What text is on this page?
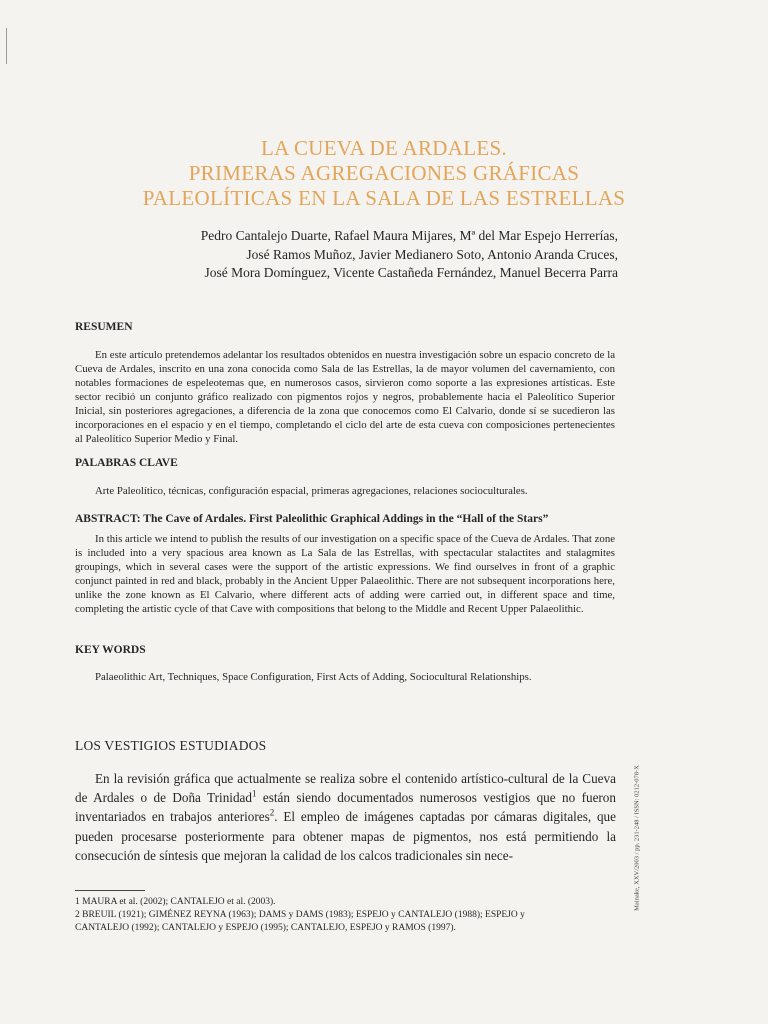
LA CUEVA DE ARDALES.
PRIMERAS AGREGACIONES GRÁFICAS
PALEOLÍTICAS EN LA SALA DE LAS ESTRELLAS
Pedro Cantalejo Duarte, Rafael Maura Mijares, Mª del Mar Espejo Herrerías,
José Ramos Muñoz, Javier Medianero Soto, Antonio Aranda Cruces,
José Mora Domínguez, Vicente Castañeda Fernández, Manuel Becerra Parra
RESUMEN
En este artículo pretendemos adelantar los resultados obtenidos en nuestra investigación sobre un espacio concreto de la Cueva de Ardales, inscrito en una zona conocida como Sala de las Estrellas, la de mayor volumen del cavernamiento, con notables formaciones de espeleotemas que, en numerosos casos, sirvieron como soporte a las expresiones artísticas. Este sector recibió un conjunto gráfico realizado con pigmentos rojos y negros, probablemente hacia el Paleolítico Superior Inicial, sin posteriores agregaciones, a diferencia de la zona que conocemos como El Calvario, donde sí se sucedieron las incorporaciones en el espacio y en el tiempo, completando el ciclo del arte de esta cueva con composiciones pertenecientes al Paleolítico Superior Medio y Final.
PALABRAS CLAVE
Arte Paleolítico, técnicas, configuración espacial, primeras agregaciones, relaciones socioculturales.
ABSTRACT: The Cave of Ardales. First Paleolithic Graphical Addings in the “Hall of the Stars”
In this article we intend to publish the results of our investigation on a specific space of the Cueva de Ardales. That zone is included into a very spacious area known as La Sala de las Estrellas, with spectacular stalactites and stalagmites groupings, which in several cases were the support of the artistic expressions. We find ourselves in front of a graphic conjunct painted in red and black, probably in the Ancient Upper Palaeolithic. There are not subsequent incorporations here, unlike the zone known as El Calvario, where different acts of adding were carried out, in different space and time, completing the artistic cycle of that Cave with compositions that belong to the Middle and Recent Upper Palaeolithic.
KEY WORDS
Palaeolithic Art, Techniques, Space Configuration, First Acts of Adding, Sociocultural Relationships.
LOS VESTIGIOS ESTUDIADOS
En la revisión gráfica que actualmente se realiza sobre el contenido artístico-cultural de la Cueva de Ardales o de Doña Trinidad$^1$ están siendo documentados numerosos vestigios que no fueron inventariados en trabajos anteriores$^2$. El empleo de imágenes captadas por cámaras digitales, que pueden procesarse posteriormente para obtener mapas de pigmentos, nos está permitiendo la consecución de síntesis que mejoran la calidad de los calcos tradicionales sin nece-
1 MAURA et al. (2002); CANTALEJO et al. (2003).
2 BREUIL (1921); GIMÉNEZ REYNA (1963); DAMS y DAMS (1983); ESPEJO y CANTALEJO (1988); ESPEJO y
CANTALEJO (1992); CANTALEJO y ESPEJO (1995); CANTALEJO, ESPEJO y RAMOS (1997).
Mainake, XXV/2003 / pp. 231-248 / ISSN: 0212-078-X
